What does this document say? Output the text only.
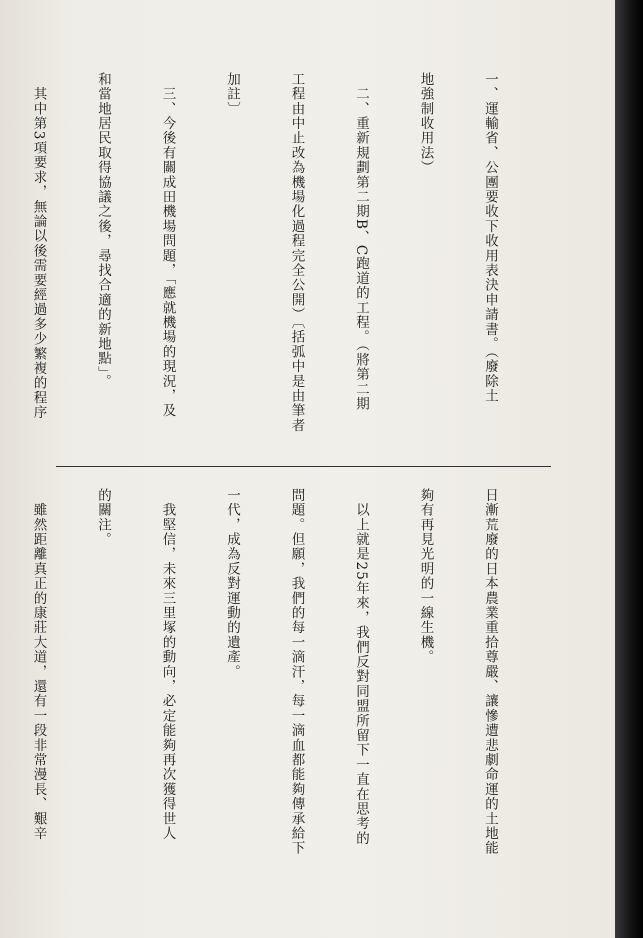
一、運輸省、公團要收下收用表決申請書。（廢除土

地強制收用法）

　二、重新規劃第二期B、C跑道的工程。（將第二期

工程由中止改為機場化過程完全公開）〔括弧中是由筆者

加註〕

　三、今後有關成田機場問題，「應就機場的現況，及

和當地居民取得協議之後，尋找合適的新地點」。

　其中第3項要求，無論以後需要經過多少繁複的程序

日漸荒廢的日本農業重拾尊嚴、讓慘遭悲劇命運的土地能

夠有再見光明的一線生機。

　以上就是25年來，我們反對同盟所留下一直在思考的

問題。但願，我們的每一滴汗，每一滴血都能夠傳承給下

一代，成為反對運動的遺產。

　我堅信，未來三里塚的動向，必定能夠再次獲得世人

的關注。

　雖然距離真正的康莊大道，還有一段非常漫長、艱辛
